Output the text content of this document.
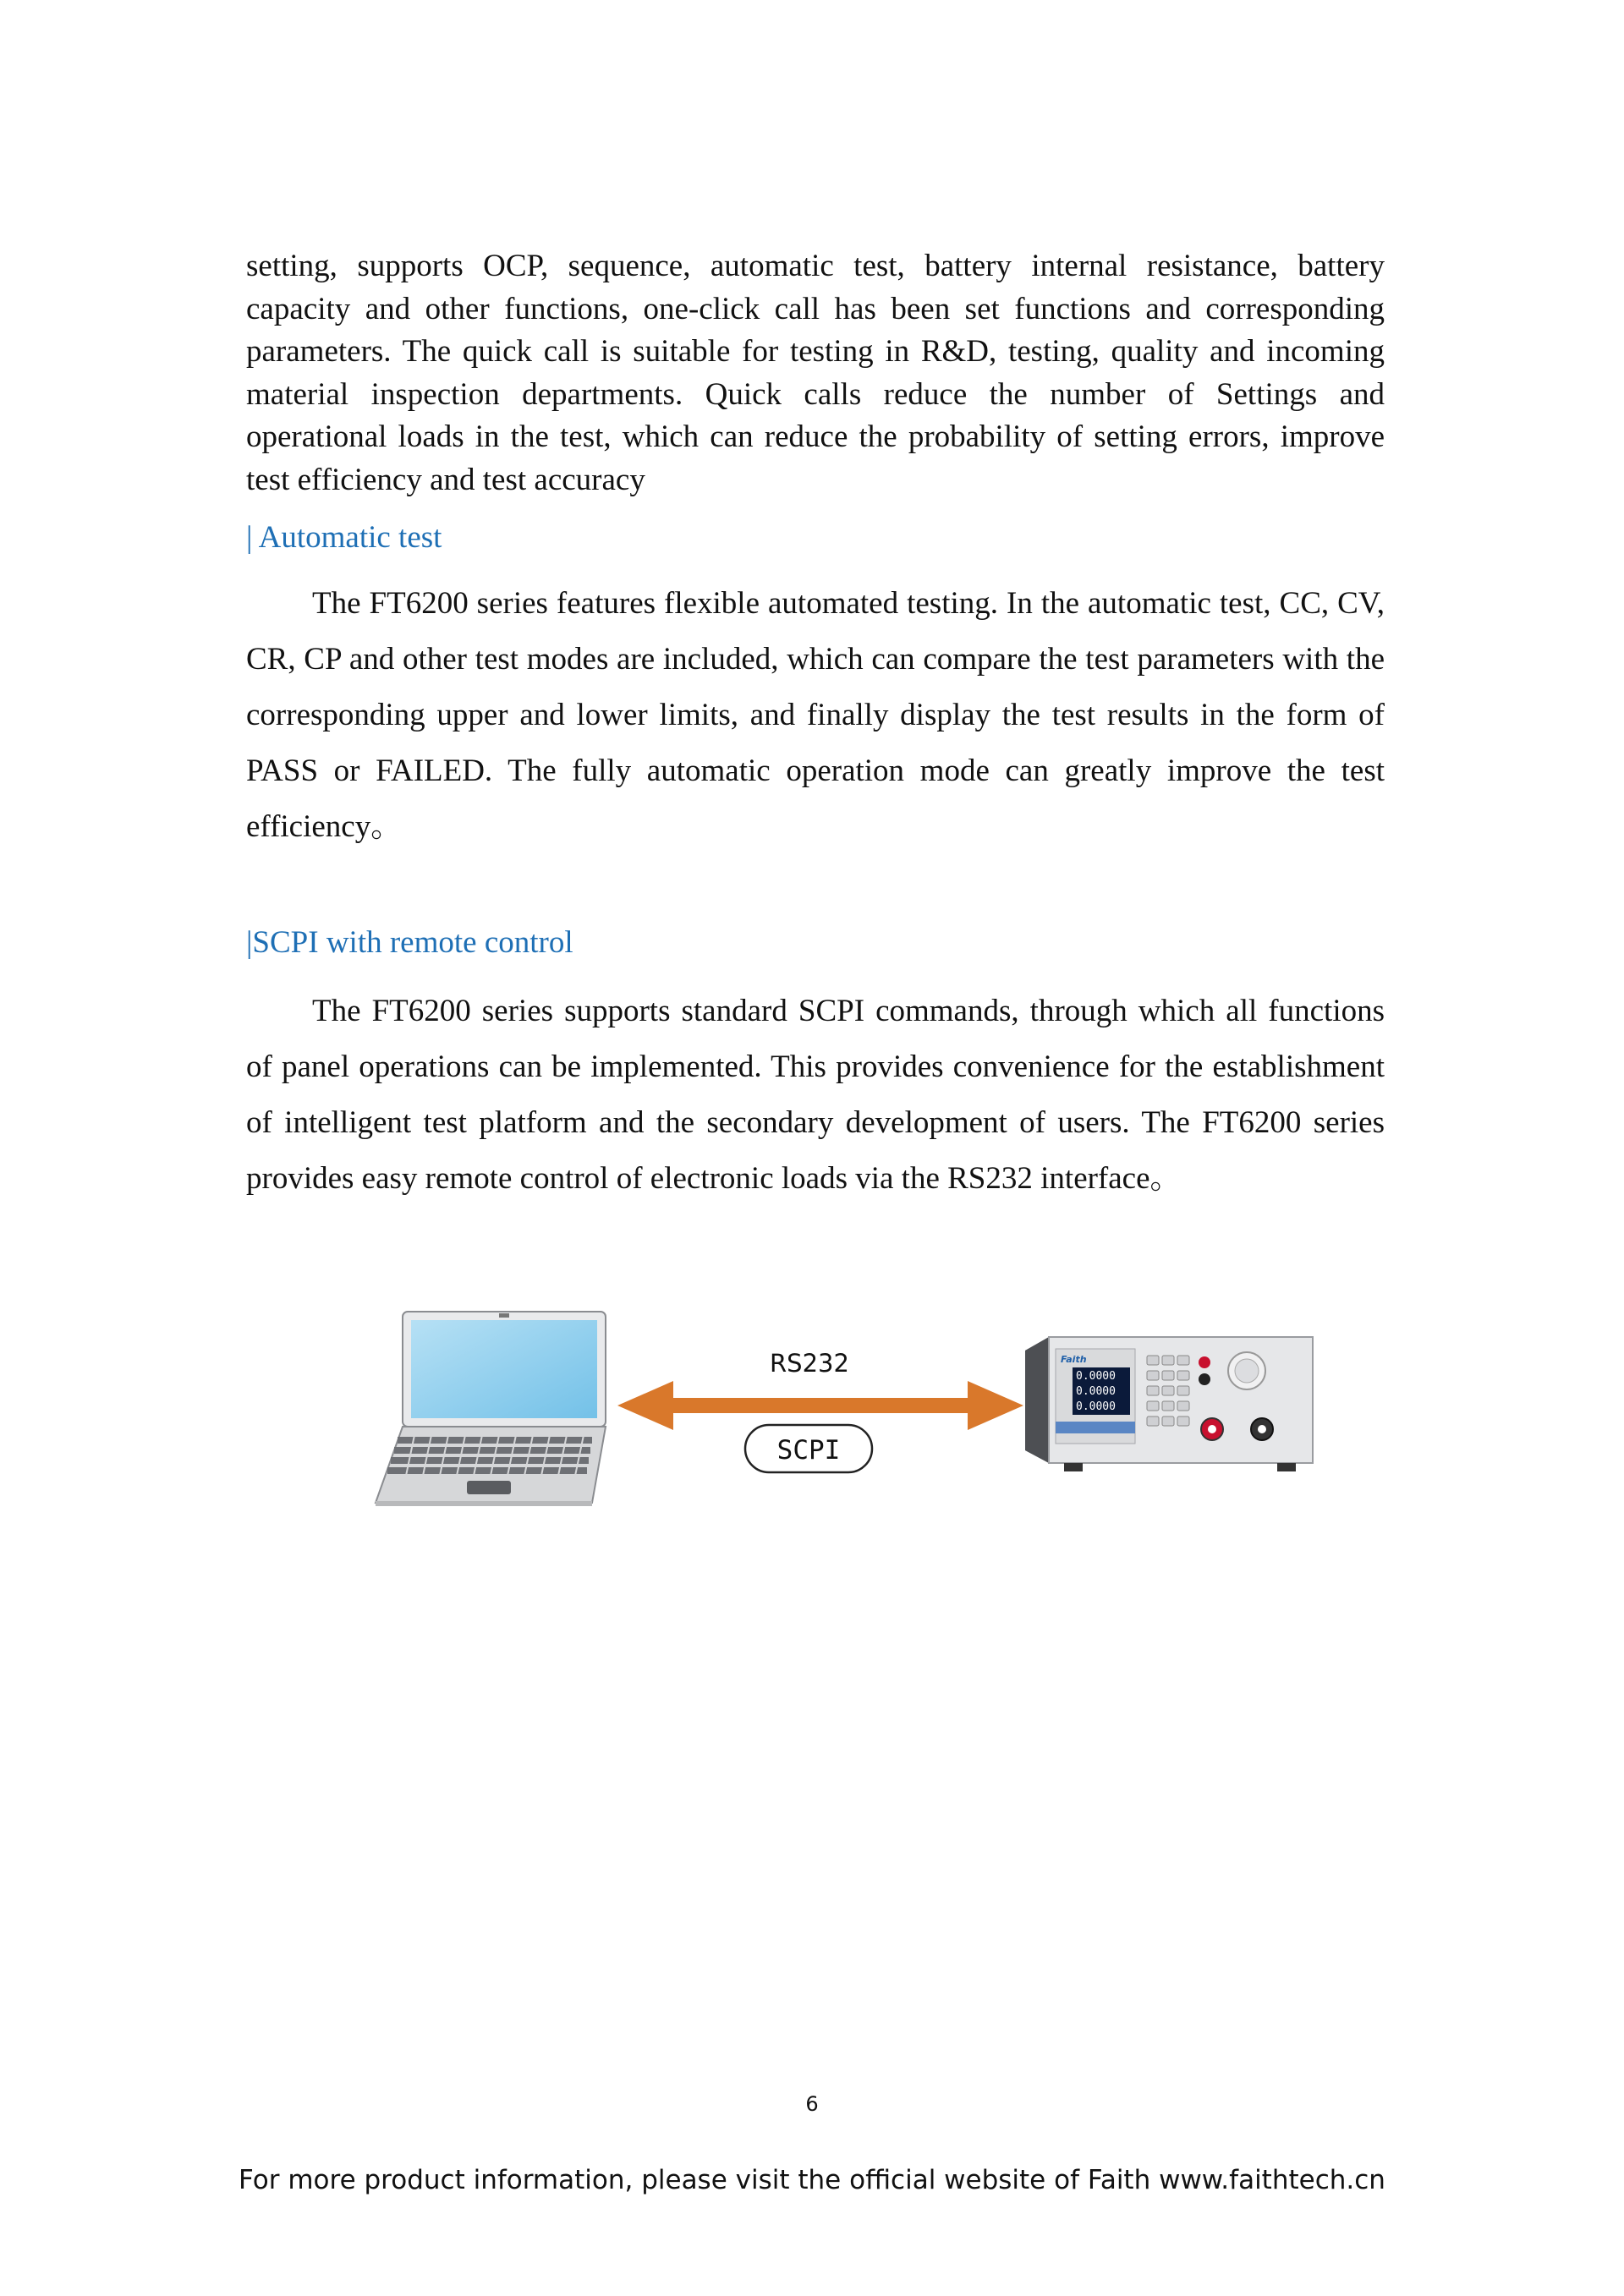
setting, supports OCP, sequence, automatic test, battery internal resistance, battery capacity and other functions, one-click call has been set functions and corresponding parameters. The quick call is suitable for testing in R&D, testing, quality and incoming material inspection departments. Quick calls reduce the number of Settings and operational loads in the test, which can reduce the probability of setting errors, improve test efficiency and test accuracy

| Automatic test

The FT6200 series features flexible automated testing. In the automatic test, CC, CV, CR, CP and other test modes are included, which can compare the test parameters with the corresponding upper and lower limits, and finally display the test results in the form of PASS or FAILED. The fully automatic operation mode can greatly improve the test efficiency。

|SCPI with remote control

The FT6200 series supports standard SCPI commands, through which all functions of panel operations can be implemented. This provides convenience for the establishment of intelligent test platform and the secondary development of users. The FT6200 series provides easy remote control of electronic loads via the RS232 interface。

RS232
SCPI
Faith
0.0000
0.0000
0.0000
6
For more product information, please visit the official website of Faith www.faithtech.cn
